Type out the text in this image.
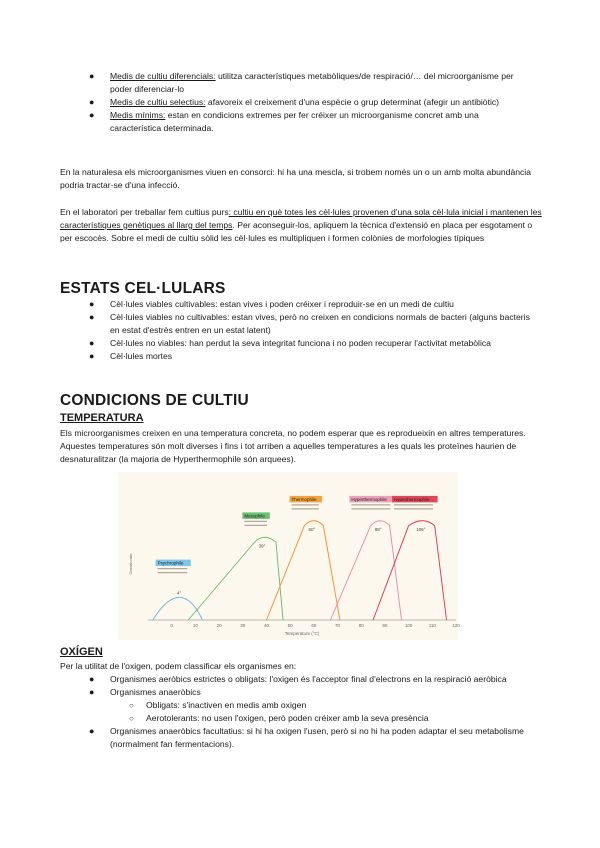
● Medis de cultiu diferencials: utilitza característiques metabòliques/de respiració/… del microorganisme per poder diferenciar-lo
● Medis de cultiu selectius: afavoreix el creixement d'una espècie o grup determinat (afegir un antibiòtic)
● Medis mínims: estan en condicions extremes per fer créixer un microorganisme concret amb una característica determinada.

En la naturalesa els microorganismes viuen en consorci: hi ha una mescla, si trobem només un o un amb molta abundància podria tractar-se d'una infecció.

En el laboratori per treballar fem cultius purs: cultiu en què totes les cèl·lules provenen d'una sola cèl·lula inicial i mantenen les característiques genètiques al llarg del temps. Per aconseguir-los, apliquem la tècnica d'extensió en placa per esgotament o per escocès. Sobre el medi de cultiu sòlid les cèl·lules es multipliquen i formen colònies de morfologies típiques

ESTATS CEL·LULARS
● Cèl·lules viables cultivables: estan vives i poden créixer i reproduir-se en un medi de cultiu
● Cèl·lules viables no cultivables: estan vives, però no creixen en condicions normals de bacteri (alguns bacteris en estat d'estrès entren en un estat latent)
● Cèl·lules no viables: han perdut la seva integritat funciona i no poden recuperar l'activitat metabòlica
● Cèl·lules mortes
CONDICIONS DE CULTIU
TEMPERATURA

Els microorganismes creixen en una temperatura concreta, no podem esperar que es reprodueixin en altres temperatures. Aquestes temperatures són molt diverses i fins i tot arriben a aquelles temperatures a les quals les proteïnes haurien de desnaturalitzar (la majoria de Hyperthermophile són arquees).

Growth rate
Temperature (°C)
0	10	20	30	40	50	60	70	80	90	100	110	120
4°
Psychrophile
39°
Mesophile
60°
Thermophile
88°
Hyperthermophile
106°
Hyperthermophile
OXÍGEN

Per la utilitat de l'oxigen, podem classificar els organismes en:

● Organismes aeròbics estrictes o obligats: l'oxigen és l'acceptor final d'electrons en la respiració aeròbica
● Organismes anaeròbics
○ Obligats: s'inactiven en medis amb oxigen
○ Aerotolerants: no usen l'oxigen, però poden créixer amb la seva presència
● Organismes anaeròbics facultatius: si hi ha oxigen l'usen, però si no hi ha poden adaptar el seu metabolisme (normalment fan fermentacions).
